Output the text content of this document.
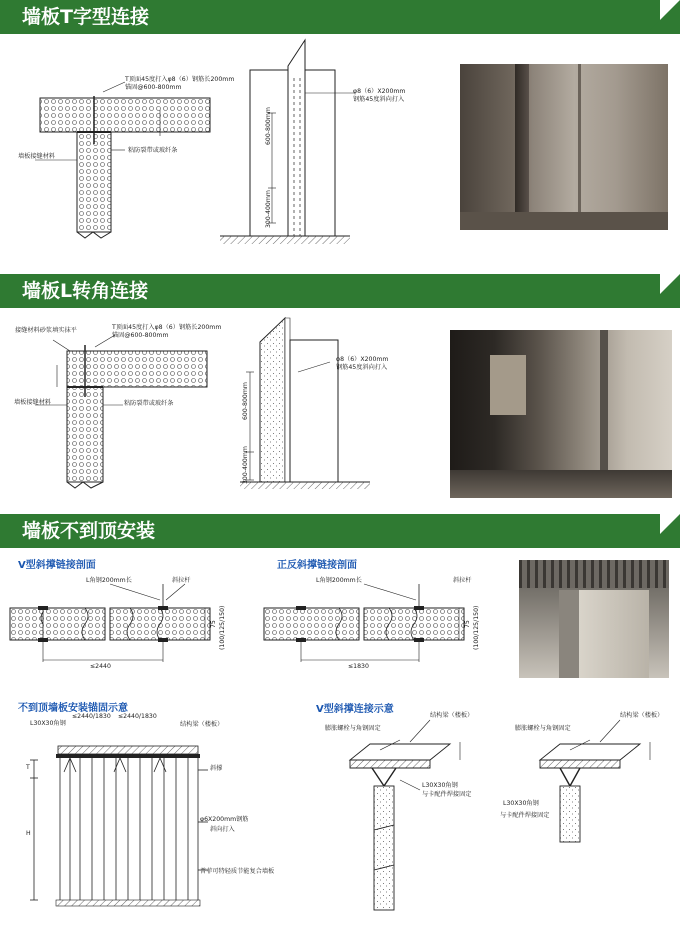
墙板T字型连接
T顶面45度打入φ8（6）钢筋长200mm
锚固@600-800mm
墙板接缝材料
粘防裂带或玻纤条
φ8（6）X200mm
钢筋45度斜向打入
600-800mm
300-400mm
墙板L转角连接
接缝材料砂浆填实抹平	T顶面45度打入φ8（6）钢筋长200mm
锚固@600-800mm
墙板接缝材料	粘防裂带或玻纤条
φ8（6）X200mm
钢筋45度斜向打入
600-800mm
300-400mm
墙板不到顶安装
V型斜撑链接剖面
L角钢200mm长	斜拉杆
≤2440
75 (100/125/150)
正反斜撑链接剖面
L角钢200mm长	斜拉杆
≤1830
75 (100/125/150)
不到顶墙板安装锚固示意
L30X30角钢
≤2440/1830 ≤2440/1830
结构梁（楼板）
斜撑
φ6X200mm钢筋
斜向打入
普菲可特轻质节能复合墙板
T
H
V型斜撑连接示意
结构梁（楼板）
膨胀螺栓与角钢固定
L30X30角钢
与卡配件焊接固定
结构梁（楼板）
膨胀螺栓与角钢固定
L30X30角钢
与卡配件焊接固定
